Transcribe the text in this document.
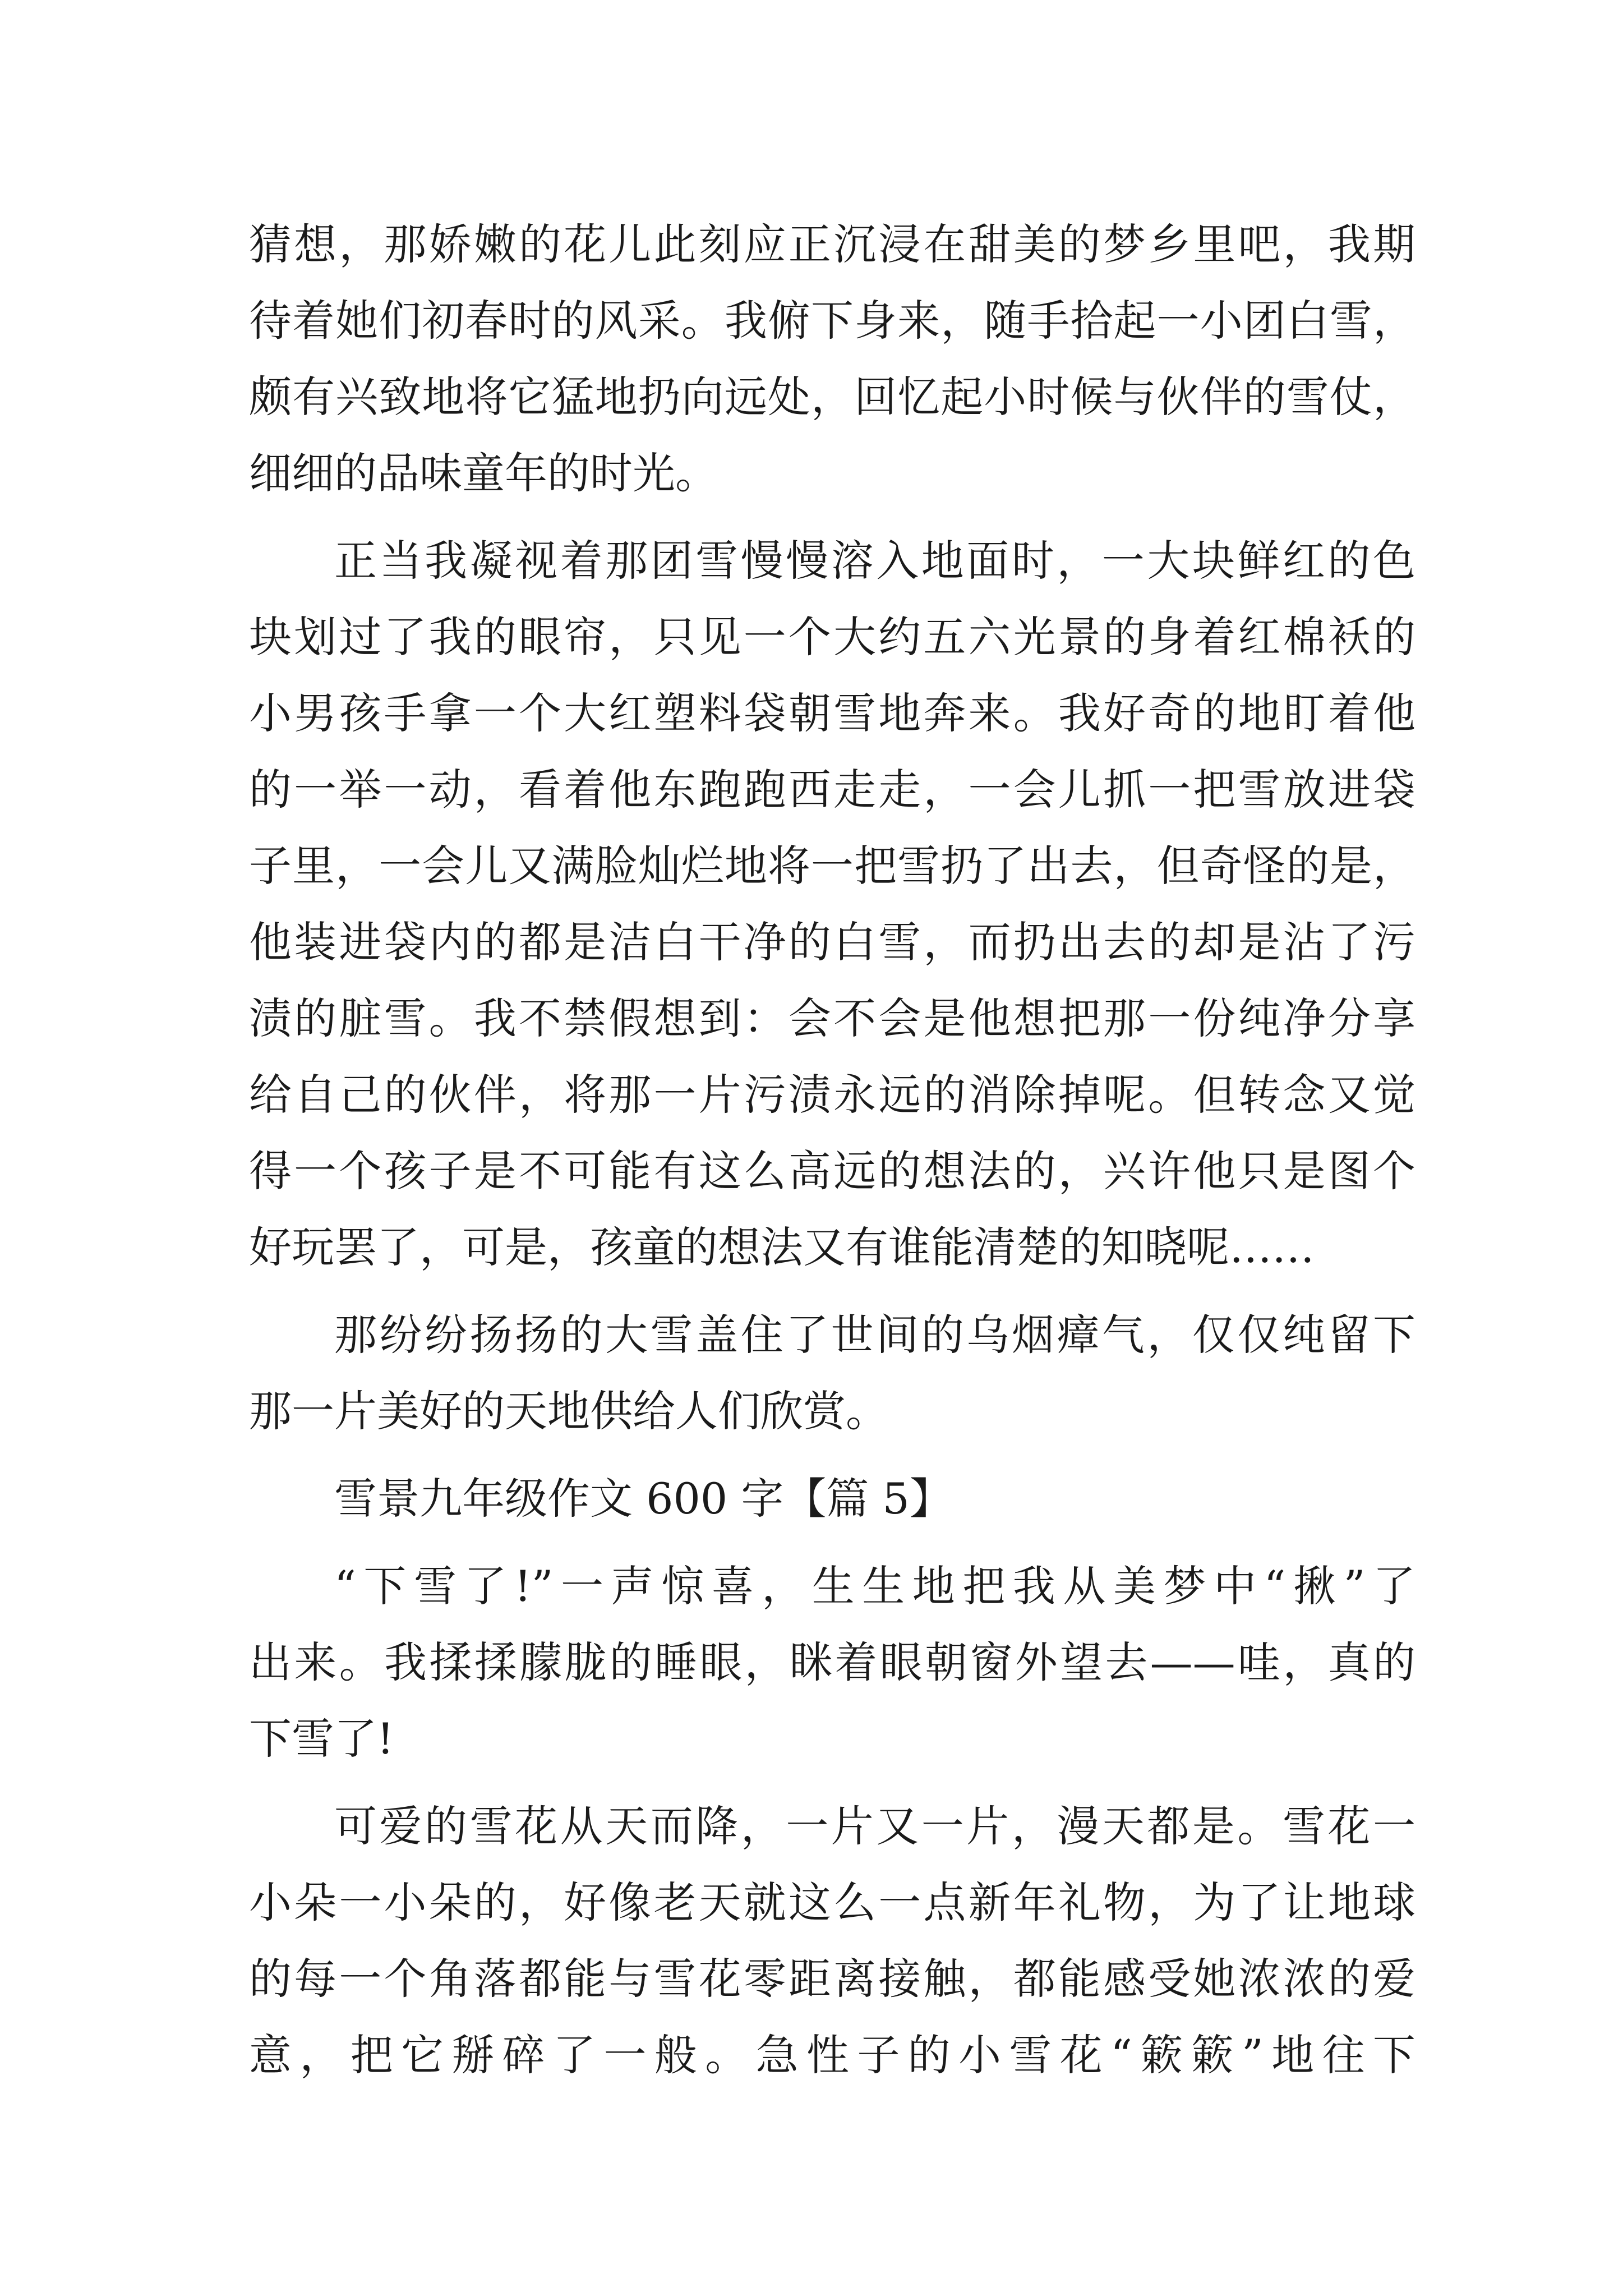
猜想，那娇嫩的花儿此刻应正沉浸在甜美的梦乡里吧，我期
待着她们初春时的风采。我俯下身来，随手拾起一小团白雪，
颇有兴致地将它猛地扔向远处，回忆起小时候与伙伴的雪仗，
细细的品味童年的时光。
正当我凝视着那团雪慢慢溶入地面时，一大块鲜红的色
块划过了我的眼帘，只见一个大约五六光景的身着红棉袄的
小男孩手拿一个大红塑料袋朝雪地奔来。我好奇的地盯着他
的一举一动，看着他东跑跑西走走，一会儿抓一把雪放进袋
子里，一会儿又满脸灿烂地将一把雪扔了出去，但奇怪的是，
他装进袋内的都是洁白干净的白雪，而扔出去的却是沾了污
渍的脏雪。我不禁假想到：会不会是他想把那一份纯净分享
给自己的伙伴，将那一片污渍永远的消除掉呢。但转念又觉
得一个孩子是不可能有这么高远的想法的，兴许他只是图个
好玩罢了，可是，孩童的想法又有谁能清楚的知晓呢……
那纷纷扬扬的大雪盖住了世间的乌烟瘴气，仅仅纯留下
那一片美好的天地供给人们欣赏。
雪景九年级作文 600 字【篇 5】
“下雪了!”一声惊喜，生生地把我从美梦中“揪”了
出来。我揉揉朦胧的睡眼，眯着眼朝窗外望去——哇，真的
下雪了!
可爱的雪花从天而降，一片又一片，漫天都是。雪花一
小朵一小朵的，好像老天就这么一点新年礼物，为了让地球
的每一个角落都能与雪花零距离接触，都能感受她浓浓的爱
意，把它掰碎了一般。急性子的小雪花“簌簌”地往下
